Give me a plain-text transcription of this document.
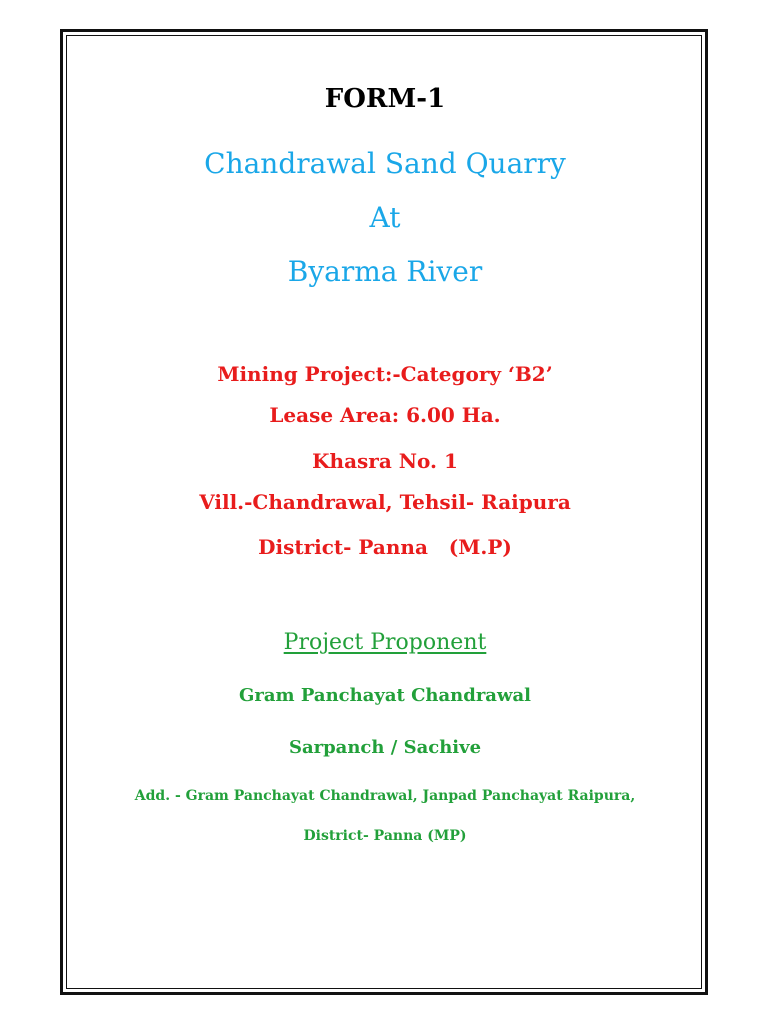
FORM-1
Chandrawal Sand Quarry
At
Byarma River
Mining Project:-Category ‘B2’
Lease Area: 6.00 Ha.
Khasra No. 1
Vill.-Chandrawal, Tehsil- Raipura
District- Panna   (M.P)
Project Proponent
Gram Panchayat Chandrawal
Sarpanch / Sachive
Add. - Gram Panchayat Chandrawal, Janpad Panchayat Raipura,
District- Panna (MP)
